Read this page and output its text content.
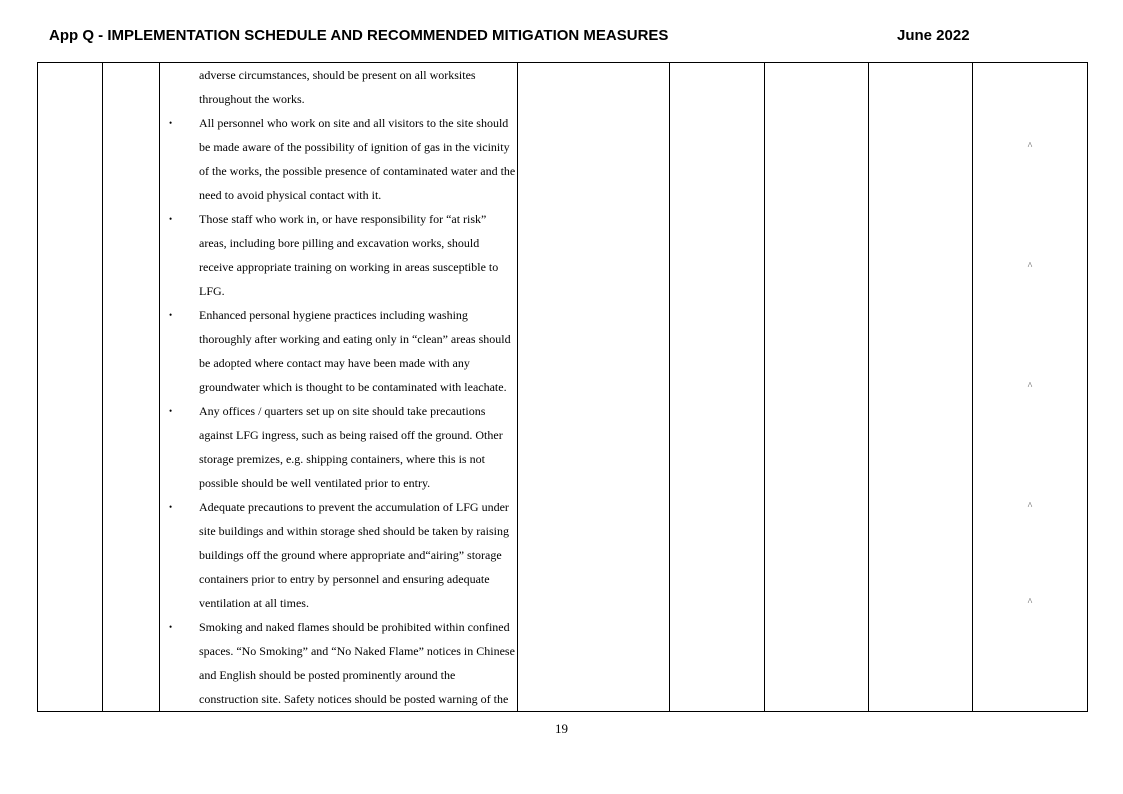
App Q - IMPLEMENTATION SCHEDULE AND RECOMMENDED MITIGATION MEASURES	June 2022
adverse circumstances, should be present on all worksites throughout the works.
• All personnel who work on site and all visitors to the site should be made aware of the possibility of ignition of gas in the vicinity of the works, the possible presence of contaminated water and the need to avoid physical contact with it.
• Those staff who work in, or have responsibility for “at risk” areas, including bore pilling and excavation works, should receive appropriate training on working in areas susceptible to LFG.
• Enhanced personal hygiene practices including washing thoroughly after working and eating only in “clean” areas should be adopted where contact may have been made with any groundwater which is thought to be contaminated with leachate.
• Any offices / quarters set up on site should take precautions against LFG ingress, such as being raised off the ground. Other storage premizes, e.g. shipping containers, where this is not possible should be well ventilated prior to entry.
• Adequate precautions to prevent the accumulation of LFG under site buildings and within storage shed should be taken by raising buildings off the ground where appropriate and“airing” storage containers prior to entry by personnel and ensuring adequate ventilation at all times.
• Smoking and naked flames should be prohibited within confined spaces. “No Smoking” and “No Naked Flame” notices in Chinese and English should be posted prominently around the construction site. Safety notices should be posted warning of the
^
^
^
^
^
19
